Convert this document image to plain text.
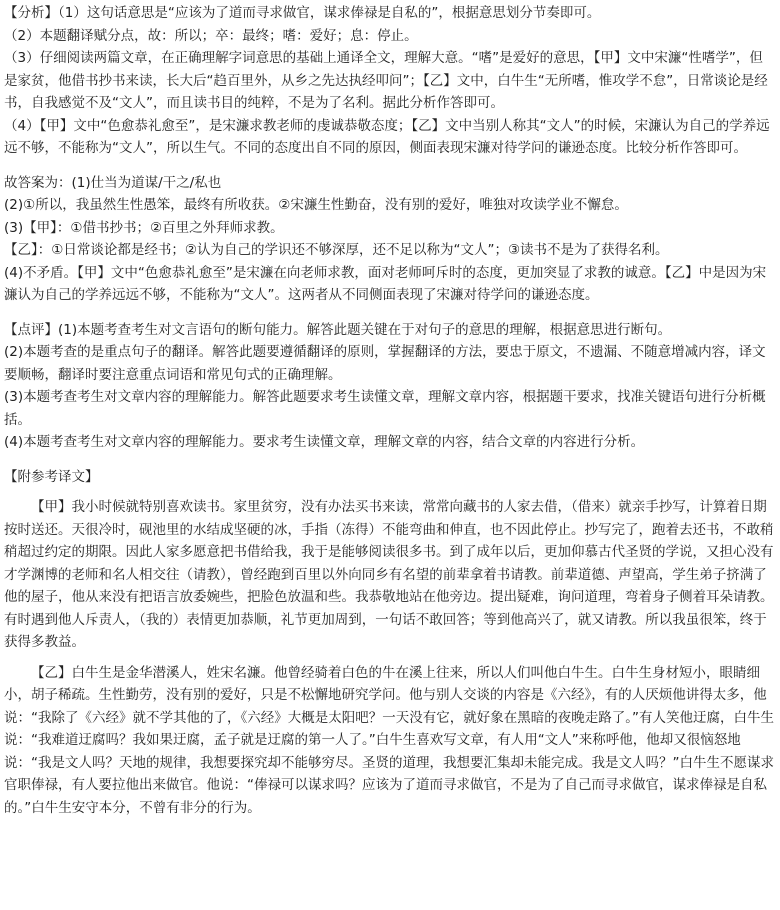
【分析】（1）这句话意思是“应该为了道而寻求做官，谋求俸禄是自私的”，根据意思划分节奏即可。
（2）本题翻译赋分点，故：所以；卒：最终；嗜：爱好；息：停止。
（3）仔细阅读两篇文章，在正确理解字词意思的基础上通译全文，理解大意。“嗜”是爱好的意思，【甲】文中宋濂“性嗜学”，但是家贫，他借书抄书来读，长大后“趋百里外，从乡之先达执经叩问”；【乙】文中，白牛生“无所嗜，惟攻学不怠”，日常谈论是经书，自我感觉不及“文人”，而且读书目的纯粹，不是为了名利。据此分析作答即可。
（4）【甲】文中“色愈恭礼愈至”，是宋濂求教老师的虔诚恭敬态度；【乙】文中当别人称其“文人”的时候，宋濂认为自己的学养远远不够，不能称为“文人”，所以生气。不同的态度出自不同的原因，侧面表现宋濂对待学问的谦逊态度。比较分析作答即可。
故答案为：(1)仕当为道谋/干之/私也
(2)①所以，我虽然生性愚笨，最终有所收获。②宋濂生性勤奋，没有别的爱好，唯独对攻读学业不懈怠。
(3)【甲】：①借书抄书；②百里之外拜师求教。
【乙】：①日常谈论都是经书；②认为自己的学识还不够深厚，还不足以称为“文人”；③读书不是为了获得名利。
(4)不矛盾。【甲】文中“色愈恭礼愈至”是宋濂在向老师求教，面对老师呵斥时的态度，更加突显了求教的诚意。【乙】中是因为宋濂认为自己的学养远远不够，不能称为“文人”。这两者从不同侧面表现了宋濂对待学问的谦逊态度。
【点评】(1)本题考查考生对文言语句的断句能力。解答此题关键在于对句子的意思的理解，根据意思进行断句。
(2)本题考查的是重点句子的翻译。解答此题要遵循翻译的原则，掌握翻译的方法，要忠于原文，不遗漏、不随意增减内容，译文要顺畅，翻译时要注意重点词语和常见句式的正确理解。
(3)本题考查考生对文章内容的理解能力。解答此题要求考生读懂文章，理解文章内容，根据题干要求，找准关键语句进行分析概括。
(4)本题考查考生对文章内容的理解能力。要求考生读懂文章，理解文章的内容，结合文章的内容进行分析。
【附参考译文】
【甲】我小时候就特别喜欢读书。家里贫穷，没有办法买书来读，常常向藏书的人家去借，（借来）就亲手抄写，计算着日期按时送还。天很冷时，砚池里的水结成坚硬的冰，手指（冻得）不能弯曲和伸直，也不因此停止。抄写完了，跑着去还书，不敢稍稍超过约定的期限。因此人家多愿意把书借给我，我于是能够阅读很多书。到了成年以后，更加仰慕古代圣贤的学说，又担心没有才学渊博的老师和名人相交往（请教），曾经跑到百里以外向同乡有名望的前辈拿着书请教。前辈道德、声望高，学生弟子挤满了他的屋子，他从来没有把语言放委婉些，把脸色放温和些。我恭敬地站在他旁边。提出疑难，询问道理，弯着身子侧着耳朵请教。有时遇到他人斥责人，（我的）表情更加恭顺，礼节更加周到，一句话不敢回答；等到他高兴了，就又请教。所以我虽很笨，终于获得多教益。
【乙】白牛生是金华潜溪人，姓宋名濂。他曾经骑着白色的牛在溪上往来，所以人们叫他白牛生。白牛生身材短小，眼睛细小，胡子稀疏。生性勤劳，没有别的爱好，只是不松懈地研究学问。他与别人交谈的内容是《六经》，有的人厌烦他讲得太多，他说：“我除了《六经》就不学其他的了，《六经》大概是太阳吧？一天没有它，就好象在黑暗的夜晚走路了。”有人笑他迂腐，白牛生说：“我难道迂腐吗？我如果迂腐，孟子就是迂腐的第一人了。”白牛生喜欢写文章，有人用“文人”来称呼他，他却又很恼怒地说：“我是文人吗？天地的规律，我想要探究却不能够穷尽。圣贤的道理，我想要汇集却未能完成。我是文人吗？”白牛生不愿谋求官职俸禄，有人要拉他出来做官。他说：“俸禄可以谋求吗？应该为了道而寻求做官，不是为了自己而寻求做官，谋求俸禄是自私的。”白牛生安守本分，不曾有非分的行为。
